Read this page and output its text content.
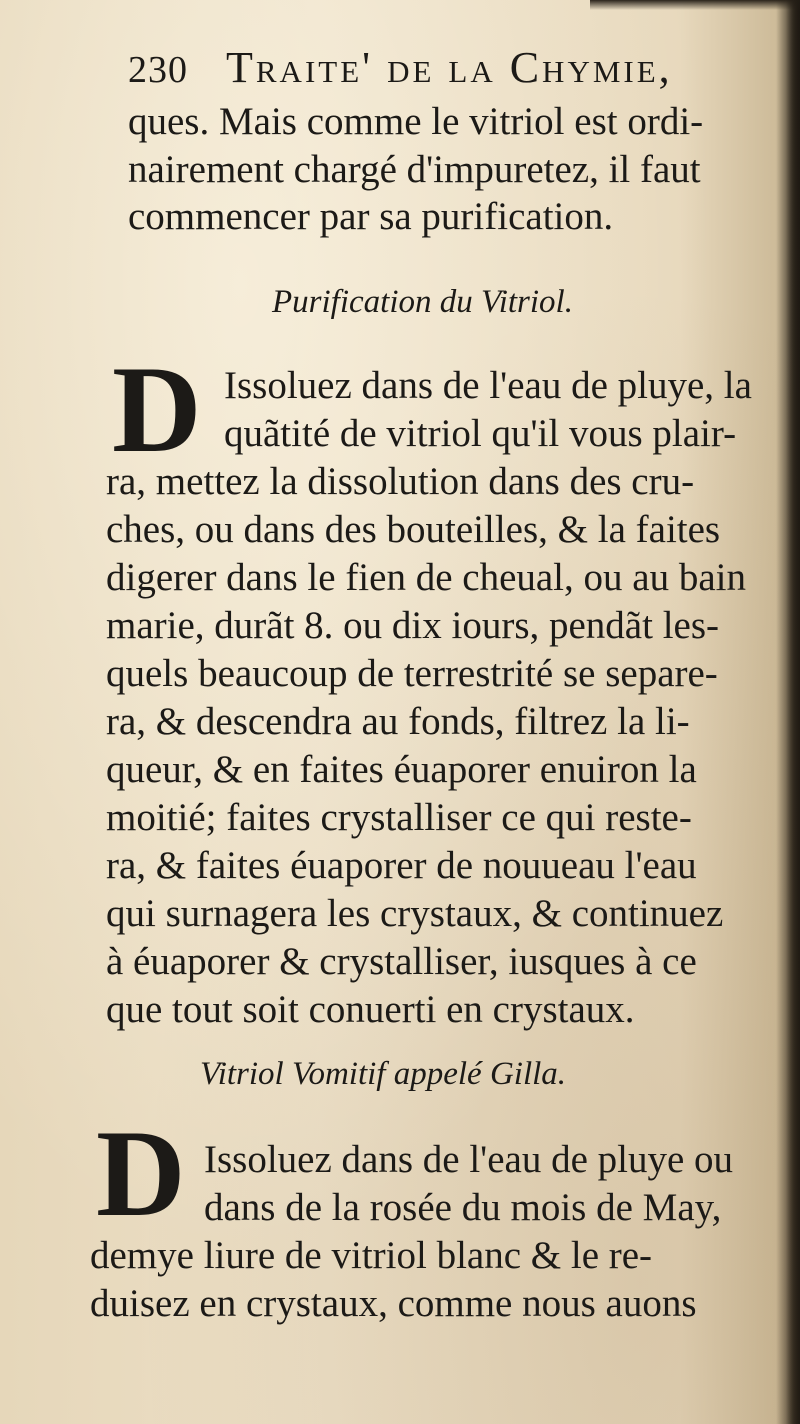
230 Traite' de la Chymie,
ques. Mais comme le vitriol est ordi-
nairement chargé d'impuretez, il faut
commencer par sa purification.
Purification du Vitriol.
D Issoluez dans de l'eau de pluye, la
quãtité de vitriol qu'il vous plair-
ra, mettez la dissolution dans des cru-
ches, ou dans des bouteilles, & la faites
digerer dans le fien de cheual, ou au bain
marie, durãt 8. ou dix iours, pendãt les-
quels beaucoup de terrestrité se separe-
ra, & descendra au fonds, filtrez la li-
queur, & en faites éuaporer enuiron la
moitié; faites crystalliser ce qui reste-
ra, & faites éuaporer de nouueau l'eau
qui surnagera les crystaux, & continuez
à éuaporer & crystalliser, iusques à ce
que tout soit conuerti en crystaux.
Vitriol Vomitif appelé Gilla.
D Issoluez dans de l'eau de pluye ou
dans de la rosée du mois de May,
demye liure de vitriol blanc & le re-
duisez en crystaux, comme nous auons
